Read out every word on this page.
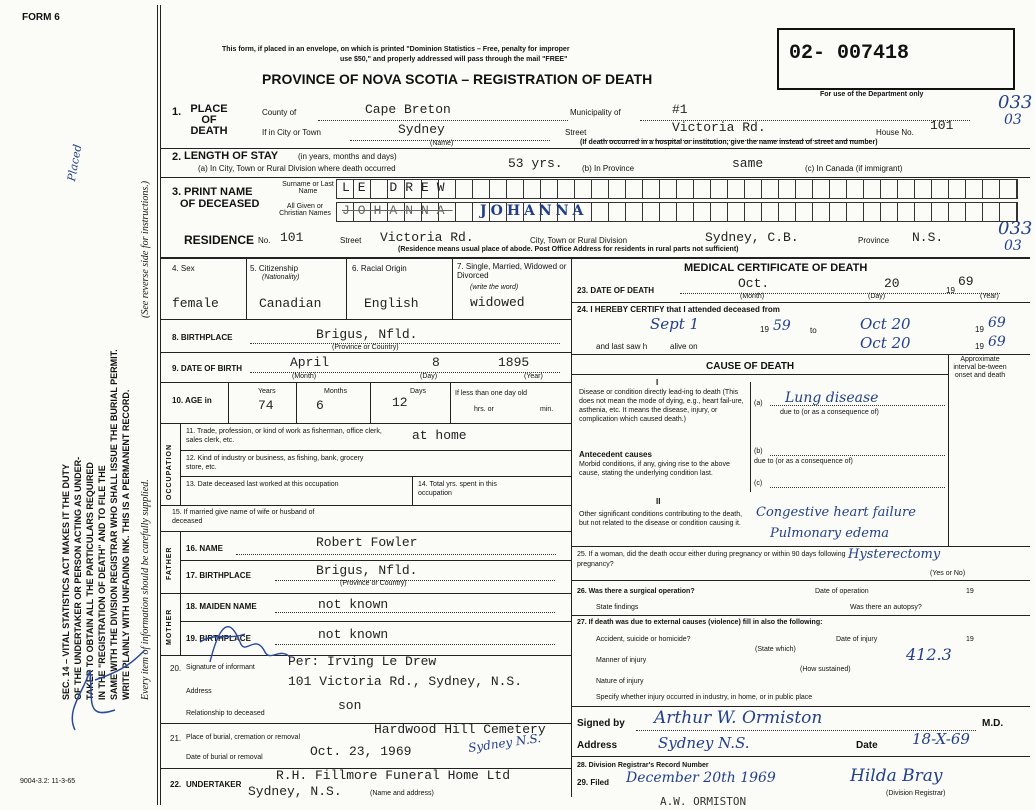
FORM 6
This form, if placed in an envelope, on which is printed "Dominion Statistics – Free, penalty for improper
use $50," and properly addressed will pass through the mail "FREE"
PROVINCE OF NOVA SCOTIA – REGISTRATION OF DEATH
02- 007418
For use of the Department only	033
03
033
03
SEC. 14 – VITAL STATISTICS ACT MAKES IT THE DUTY OF THE UNDERTAKER OR PERSON ACTING AS UNDER- TAKER TO OBTAIN ALL THE PARTICULARS REQUIRED IN THE "REGISTRATION OF DEATH" AND TO FILE THE SAME WITH THE DIVISION REGISTRAR WHO SHALL ISSUE THE BURIAL PERMIT. WRITE PLAINLY WITH UNFADING INK. THIS IS A PERMANENT RECORD.
(See reverse side for instructions.)
Every item of information should be carefully supplied.
Placed
1. PLACE OF DEATH
County of	Cape Breton	Municipality of	#1
If in City or Town	Sydney
(Name)
Street	Victoria Rd.	House No. 101
(If death occurred in a hospital or institution, give the name instead of street and number)
2. LENGTH OF STAY (in years, months and days)
(a) In City, Town or Rural Division where death occurred	53 yrs. (b) In Province	same	(c) In Canada (if immigrant)
3. PRINT NAME
OF DECEASED
Surname or Last Name	LE DREW
All Given or Christian Names JOHANNA JOHANNA
RESIDENCE No. 101	Street Victoria Rd.	City, Town or Rural Division	Sydney, C.B.	Province N.S.
(Residence means usual place of abode. Post Office Address for residents in rural parts not sufficient)
4. Sex
female
5. Citizenship
(Nationality)
Canadian
6. Racial Origin
English
7. Single, Married, Widowed or Divorced
(write the word)
widowed
8. BIRTHPLACE	Brigus, Nfld.
(Province or Country)
9. DATE OF BIRTH	April	8	1895
(Month)	(Day)	(Year)
10. AGE in
Years
74
Months
6
Days
12
If less than one day old
hrs. or	min.
OCCUPATION
11. Trade, profession, or kind of work as fisherman, office clerk, sales clerk, etc.	at home
12. Kind of industry or business, as fishing, bank, grocery store, etc.
13. Date deceased last worked at this occupation	14. Total yrs. spent in this occupation
15. If married give name of wife or husband of deceased
FATHER 16. NAME	Robert Fowler
17. BIRTHPLACE	Brigus, Nfld.
(Province or Country)
MOTHER
18. MAIDEN NAME	not known
19. BIRTHPLACE	not known
20. Signature of informant	Per: Irving Le Drew
Address
101 Victoria Rd., Sydney, N.S.
Relationship to deceased
son
21. Place of burial, cremation or removal
Hardwood Hill Cemetery
Date of burial or removal	Oct. 23, 1969	Sydney N.S.
22. UNDERTAKER
R.H. Fillmore Funeral Home Ltd
Sydney, N.S.	(Name and address)
9004-3.2: 11-3-65
MEDICAL CERTIFICATE OF DEATH
23. DATE OF DEATH	Oct.	20	19
69
(Month)	(Day)	(Year)
24. I HEREBY CERTIFY that I attended deceased from
Sept 1	19 59 to	Oct 20	19 69
and last saw h	alive on	Oct 20	19 69
CAUSE OF DEATH
Approximate interval be-tween onset and death
I
Disease or condition directly lead-ing to death (This does not mean the mode of dying, e.g., heart fail-ure, asthenia, etc. It means the disease, injury, or complication which caused death.)
(a) Lung disease
due to (or as a consequence of)
Antecedent causes
Morbid conditions, if any, giving rise to the above cause, stating the underlying condition last.
(b)
due to (or as a consequence of)
(c)
II
Other significant conditions contributing to the death, but not related to the disease or condition causing it.
Congestive heart failure
Pulmonary edema
25. If a woman, did the death occur either during pregnancy or within 90 days following pregnancy?
Hysterectomy
(Yes or No)
26. Was there a surgical operation?	Date of operation	19
State findings	Was there an autopsy?
27. If death was due to external causes (violence) fill in also the following:
Accident, suicide or homicide?	Date of injury	19
(State which)
Manner of injury	412.3
(How sustained)
Nature of injury
Specify whether injury occurred in industry, in home, or in public place
Signed by Arthur W. Ormiston	M.D.
Address	Sydney N.S.	Date 18-X-69
28. Division Registrar's Record Number
29. Filed December 20th 1969	Hilda Bray
(Division Registrar)
A.W. ORMISTON
